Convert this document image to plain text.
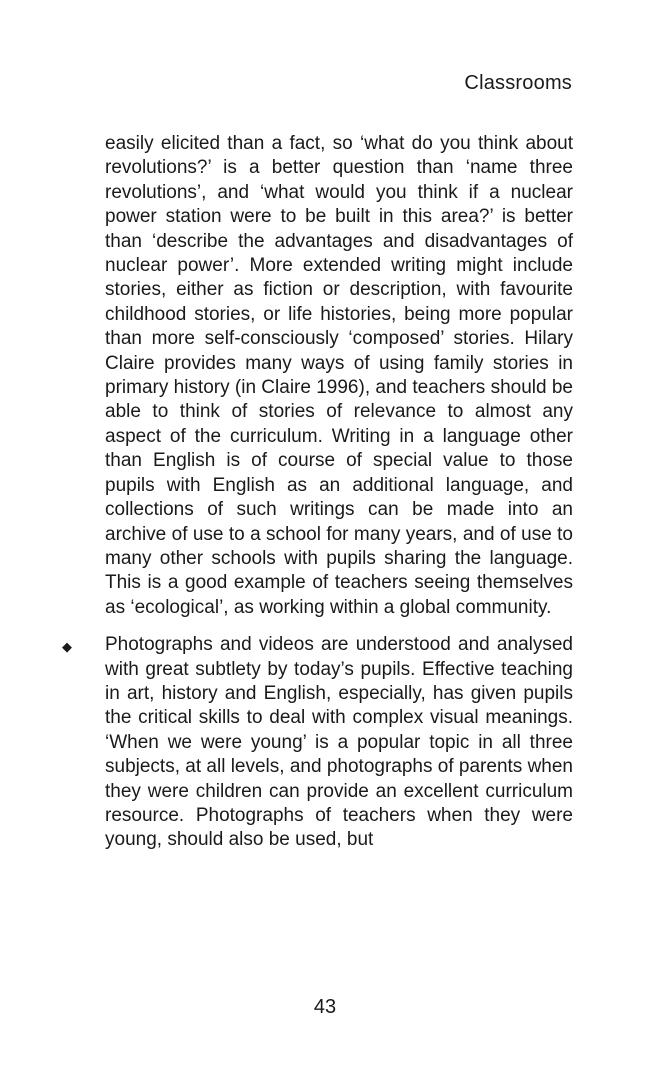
Classrooms

easily elicited than a fact, so ‘what do you think about revolutions?’ is a better question than ‘name three revolutions’, and ‘what would you think if a nuclear power station were to be built in this area?’ is better than ‘describe the advantages and disadvantages of nuclear power’. More extended writing might include stories, either as fiction or description, with favourite childhood stories, or life histories, being more popular than more self-consciously ‘composed’ stories. Hilary Claire provides many ways of using family stories in primary history (in Claire 1996), and teachers should be able to think of stories of relevance to almost any aspect of the curriculum. Writing in a language other than English is of course of special value to those pupils with English as an additional language, and collections of such writings can be made into an archive of use to a school for many years, and of use to many other schools with pupils sharing the language. This is a good example of teachers seeing themselves as ‘ecological’, as working within a global community.

◆ Photographs and videos are understood and analysed with great subtlety by today’s pupils. Effective teaching in art, history and English, especially, has given pupils the critical skills to deal with complex visual meanings. ‘When we were young’ is a popular topic in all three subjects, at all levels, and photographs of parents when they were children can provide an excellent curriculum resource. Photographs of teachers when they were young, should also be used, but

43
